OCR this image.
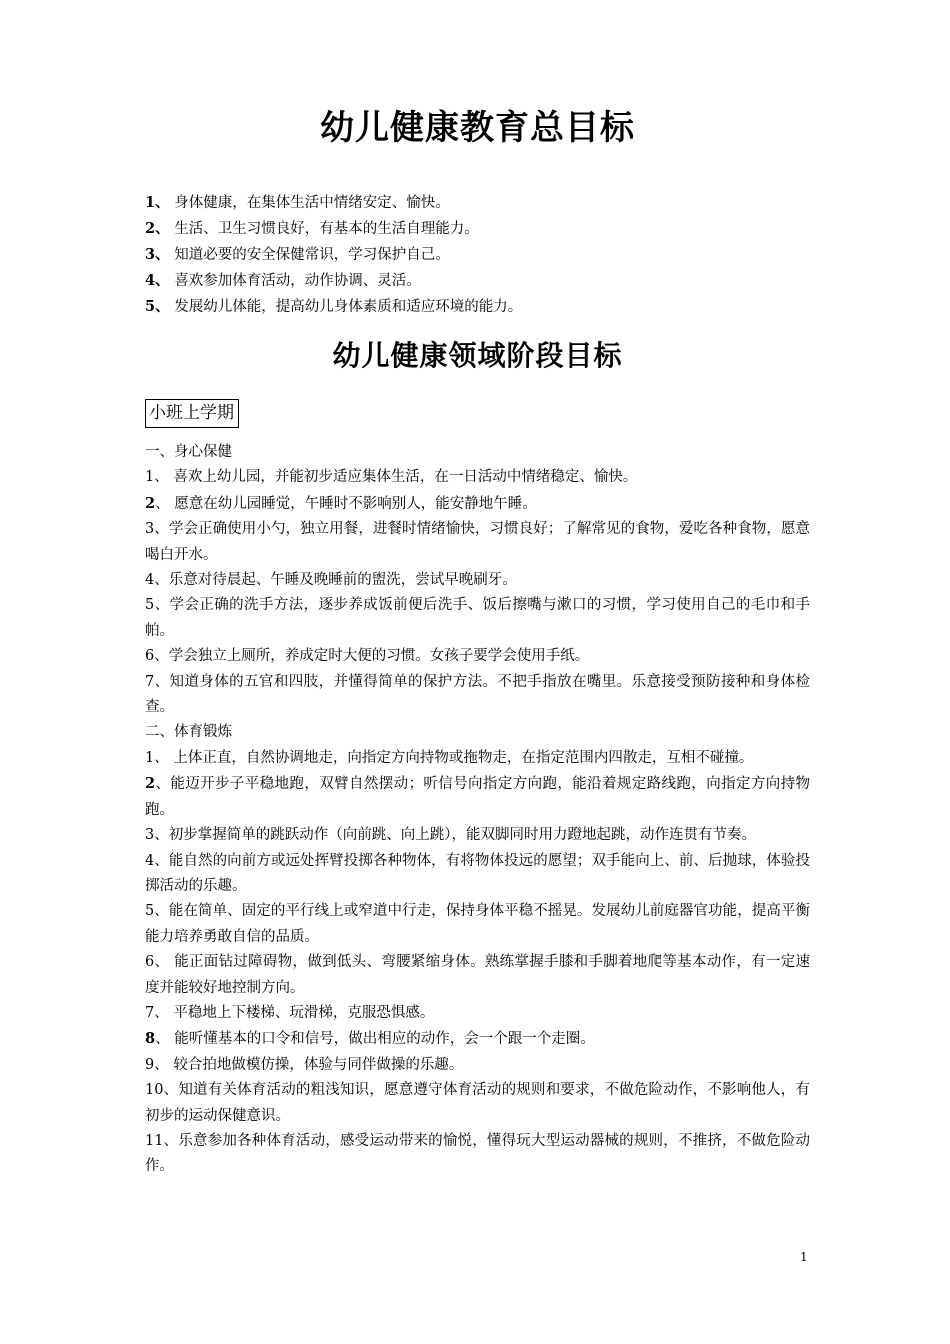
幼儿健康教育总目标
1、 身体健康，在集体生活中情绪安定、愉快。
2、 生活、卫生习惯良好，有基本的生活自理能力。
3、 知道必要的安全保健常识，学习保护自己。
4、 喜欢参加体育活动，动作协调、灵活。
5、 发展幼儿体能，提高幼儿身体素质和适应环境的能力。
幼儿健康领域阶段目标
小班上学期
一、身心保健
1、 喜欢上幼儿园，并能初步适应集体生活，在一日活动中情绪稳定、愉快。
2、 愿意在幼儿园睡觉，午睡时不影响别人，能安静地午睡。
3、学会正确使用小勺，独立用餐，进餐时情绪愉快，习惯良好；了解常见的食物，爱吃各种食物，愿意喝白开水。
4、乐意对待晨起、午睡及晚睡前的盥洗，尝试早晚刷牙。
5、学会正确的洗手方法，逐步养成饭前便后洗手、饭后擦嘴与漱口的习惯，学习使用自己的毛巾和手帕。
6、学会独立上厕所，养成定时大便的习惯。女孩子要学会使用手纸。
7、知道身体的五官和四肢，并懂得简单的保护方法。不把手指放在嘴里。乐意接受预防接种和身体检查。
二、体育锻炼
1、 上体正直，自然协调地走，向指定方向持物或拖物走，在指定范围内四散走，互相不碰撞。
2、能迈开步子平稳地跑，双臂自然摆动；听信号向指定方向跑，能沿着规定路线跑，向指定方向持物跑。
3、初步掌握简单的跳跃动作（向前跳、向上跳），能双脚同时用力蹬地起跳，动作连贯有节奏。
4、能自然的向前方或远处挥臂投掷各种物体，有将物体投远的愿望；双手能向上、前、后抛球，体验投掷活动的乐趣。
5、能在简单、固定的平行线上或窄道中行走，保持身体平稳不摇晃。发展幼儿前庭器官功能，提高平衡能力培养勇敢自信的品质。
6、 能正面钻过障碍物，做到低头、弯腰紧缩身体。熟练掌握手膝和手脚着地爬等基本动作，有一定速度并能较好地控制方向。
7、 平稳地上下楼梯、玩滑梯，克服恐惧感。
8、 能听懂基本的口令和信号，做出相应的动作，会一个跟一个走圈。
9、 较合拍地做模仿操，体验与同伴做操的乐趣。
10、知道有关体育活动的粗浅知识，愿意遵守体育活动的规则和要求，不做危险动作，不影响他人，有初步的运动保健意识。
11、乐意参加各种体育活动，感受运动带来的愉悦，懂得玩大型运动器械的规则，不推挤，不做危险动作。
1
